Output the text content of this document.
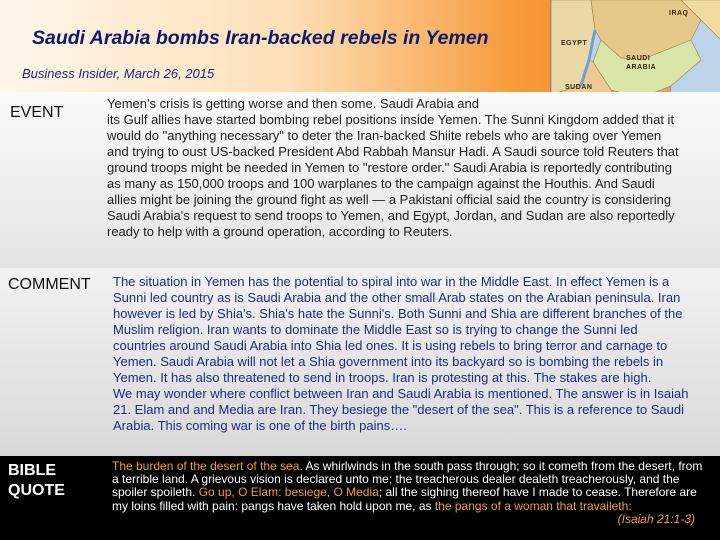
Saudi Arabia bombs Iran-backed rebels in Yemen
Business Insider, March 26, 2015
IRAQ
EGYPT
SAUDI
ARABIA
SUDAN
EVENT
Yemen's crisis is getting worse and then some. Saudi Arabia and
its Gulf allies have started bombing rebel positions inside Yemen. The Sunni Kingdom added that it would do "anything necessary" to deter the Iran-backed Shiite rebels who are taking over Yemen and trying to oust US-backed President Abd Rabbah Mansur Hadi. A Saudi source told Reuters that ground troops might be needed in Yemen to "restore order." Saudi Arabia is reportedly contributing as many as 150,000 troops and 100 warplanes to the campaign against the Houthis. And Saudi allies might be joining the ground fight as well — a Pakistani official said the country is considering Saudi Arabia's request to send troops to Yemen, and Egypt, Jordan, and Sudan are also reportedly ready to help with a ground operation, according to Reuters.
COMMENT The situation in Yemen has the potential to spiral into war in the Middle East. In effect Yemen is a Sunni led country as is Saudi Arabia and the other small Arab states on the Arabian peninsula. Iran however is led by Shia's. Shia's hate the Sunni's. Both Sunni and Shia are different branches of the Muslim religion. Iran wants to dominate the Middle East so is trying to change the Sunni led countries around Saudi Arabia into Shia led ones. It is using rebels to bring terror and carnage to Yemen. Saudi Arabia will not let a Shia government into its backyard so is bombing the rebels in Yemen. It has also threatened to send in troops. Iran is protesting at this. The stakes are high.
We may wonder where conflict between Iran and Saudi Arabia is mentioned. The answer is in Isaiah 21. Elam and and Media are Iran. They besiege the "desert of the sea". This is a reference to Saudi Arabia. This coming war is one of the birth pains….
BIBLE
QUOTE
The burden of the desert of the sea. As whirlwinds in the south pass through; so it cometh from the desert, from a terrible land. A grievous vision is declared unto me; the treacherous dealer dealeth treacherously, and the spoiler spoileth. Go up, O Elam: besiege, O Media; all the sighing thereof have I made to cease. Therefore are my loins filled with pain: pangs have taken hold upon me, as the pangs of a woman that travaileth:
(Isaiah 21:1-3)
